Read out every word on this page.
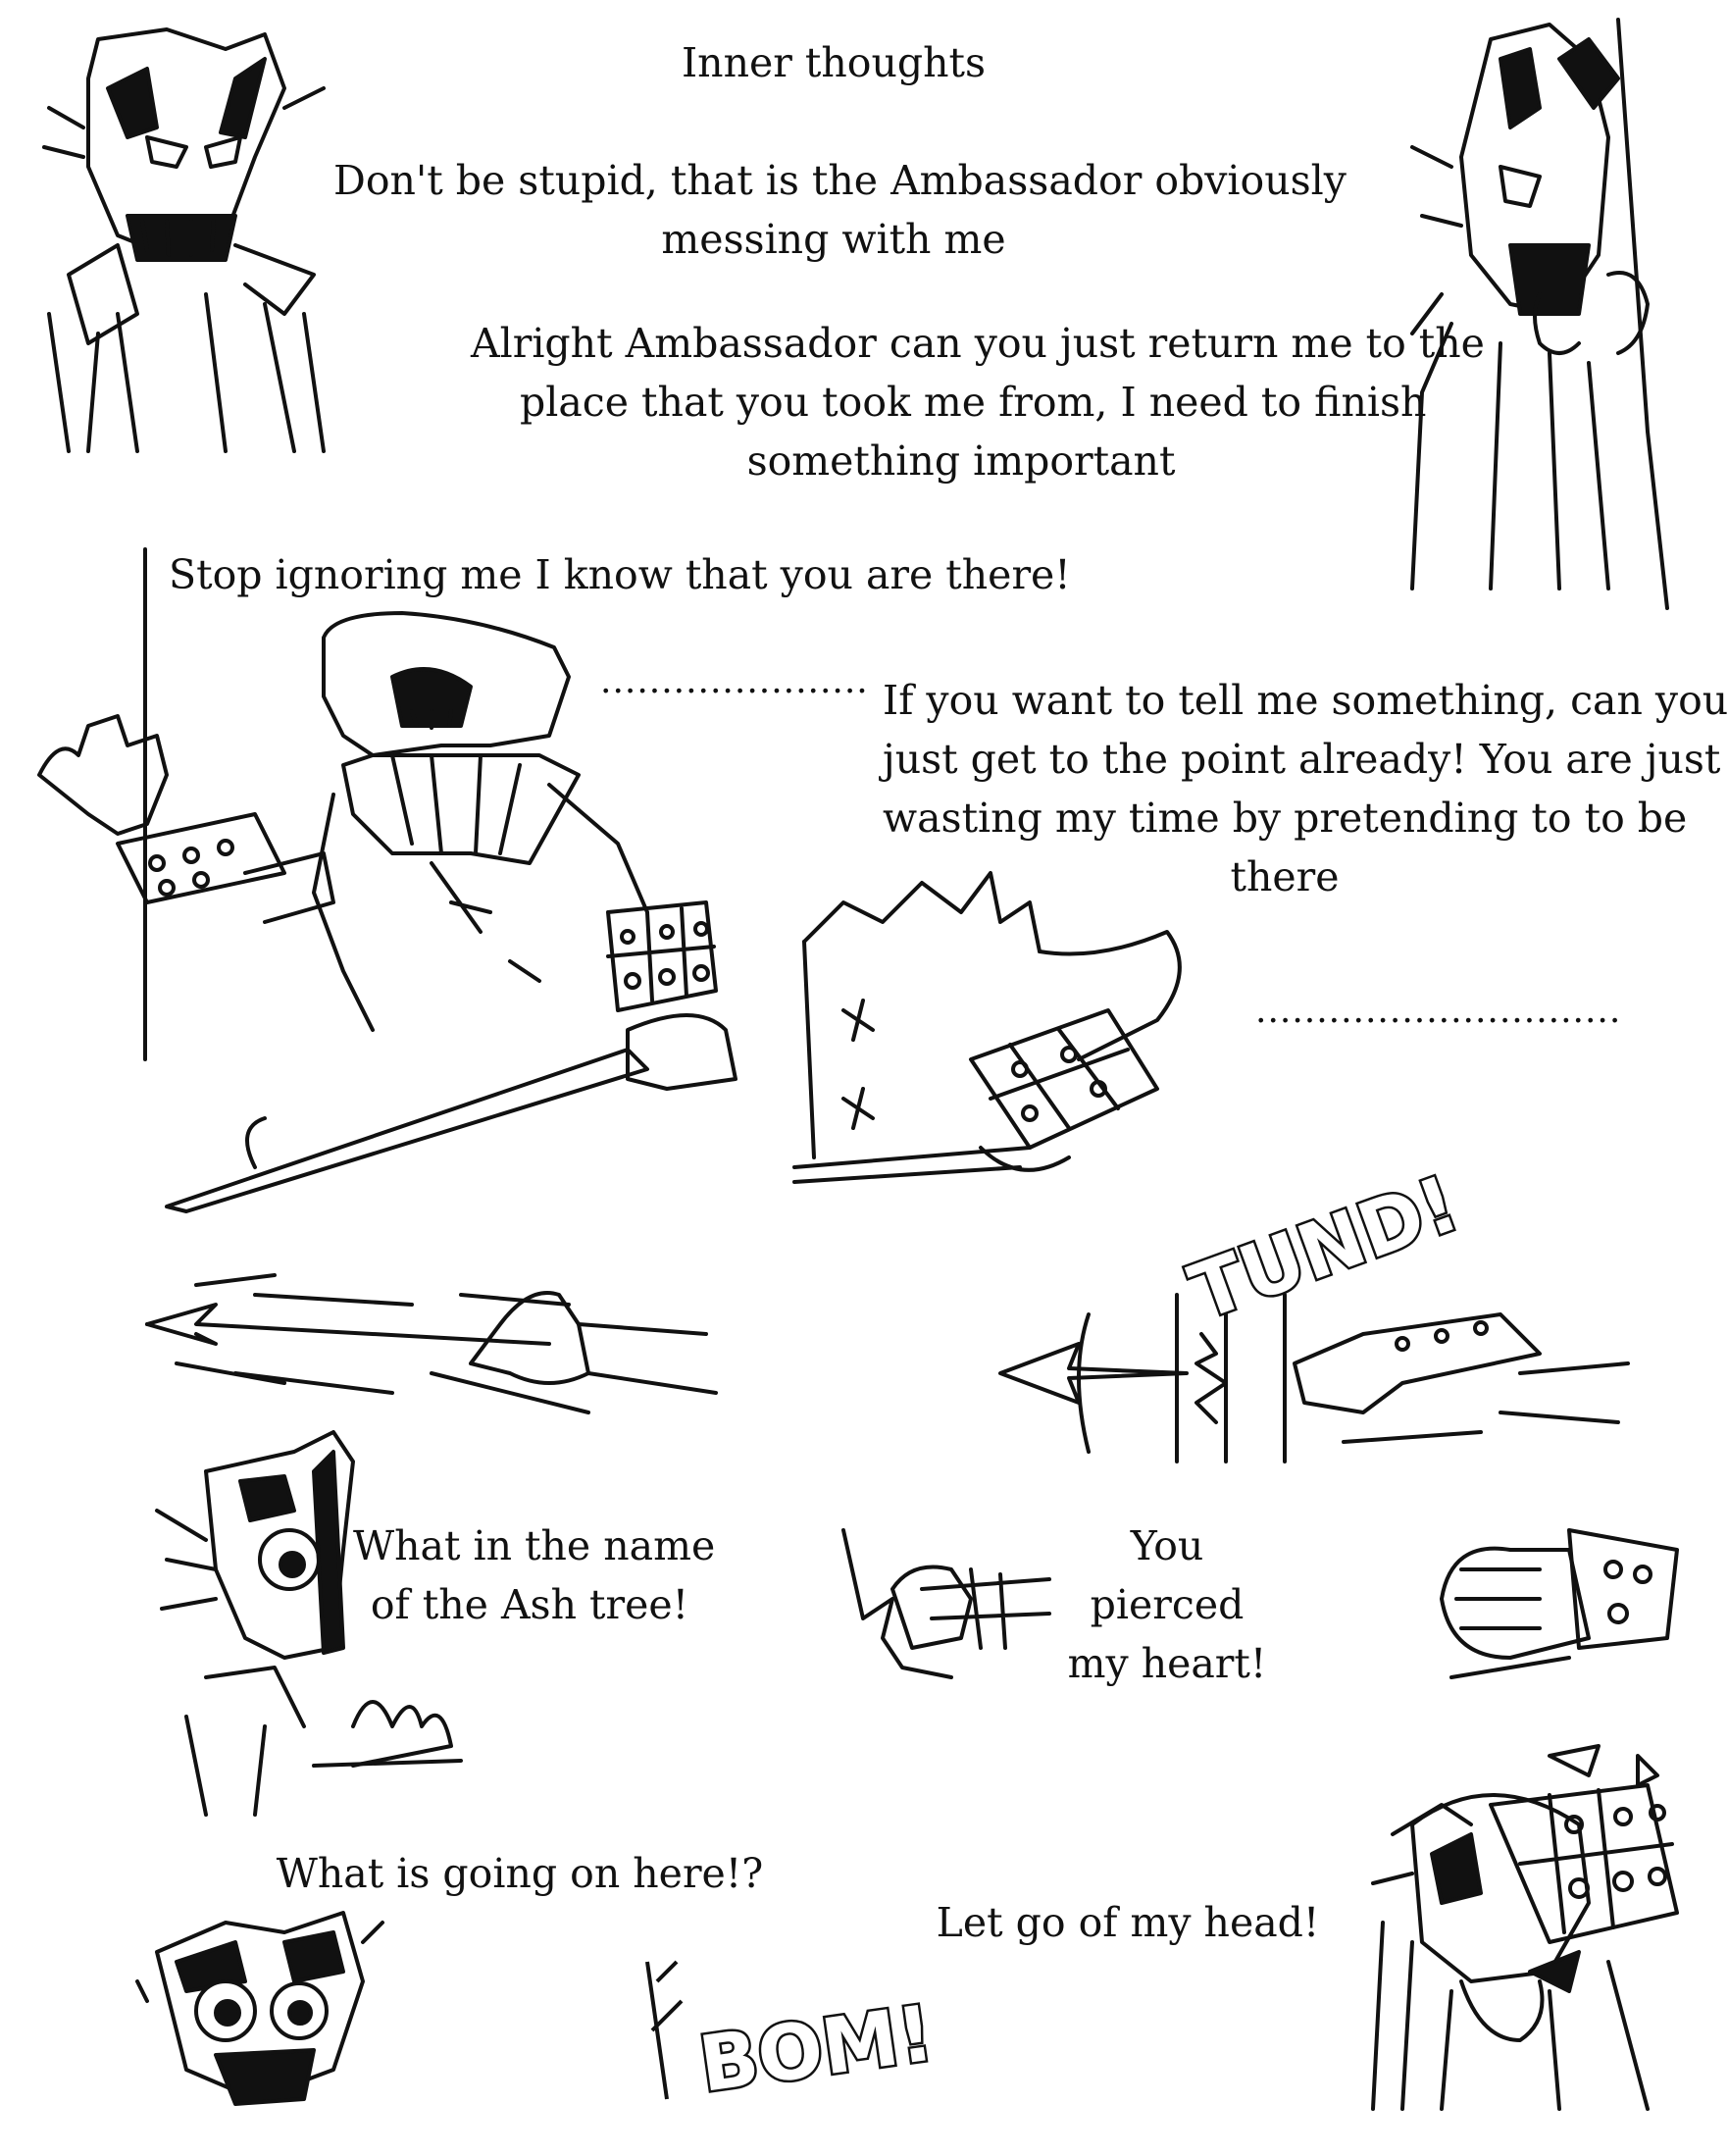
Inner thoughts
Don't be stupid, that is the Ambassador obviously
messing with me
Alright Ambassador can you just return me to the
place that you took me from, I need to finish
something important
Stop ignoring me I know that you are there!
...................... If you want to tell me something, can you
just get to the point already! You are just
wasting my time by pretending to to be
there
..............................
TUND!
What in the name
of the Ash tree!
You
pierced
my heart!
What is going on here!?
BOM!
Let go of my head!
